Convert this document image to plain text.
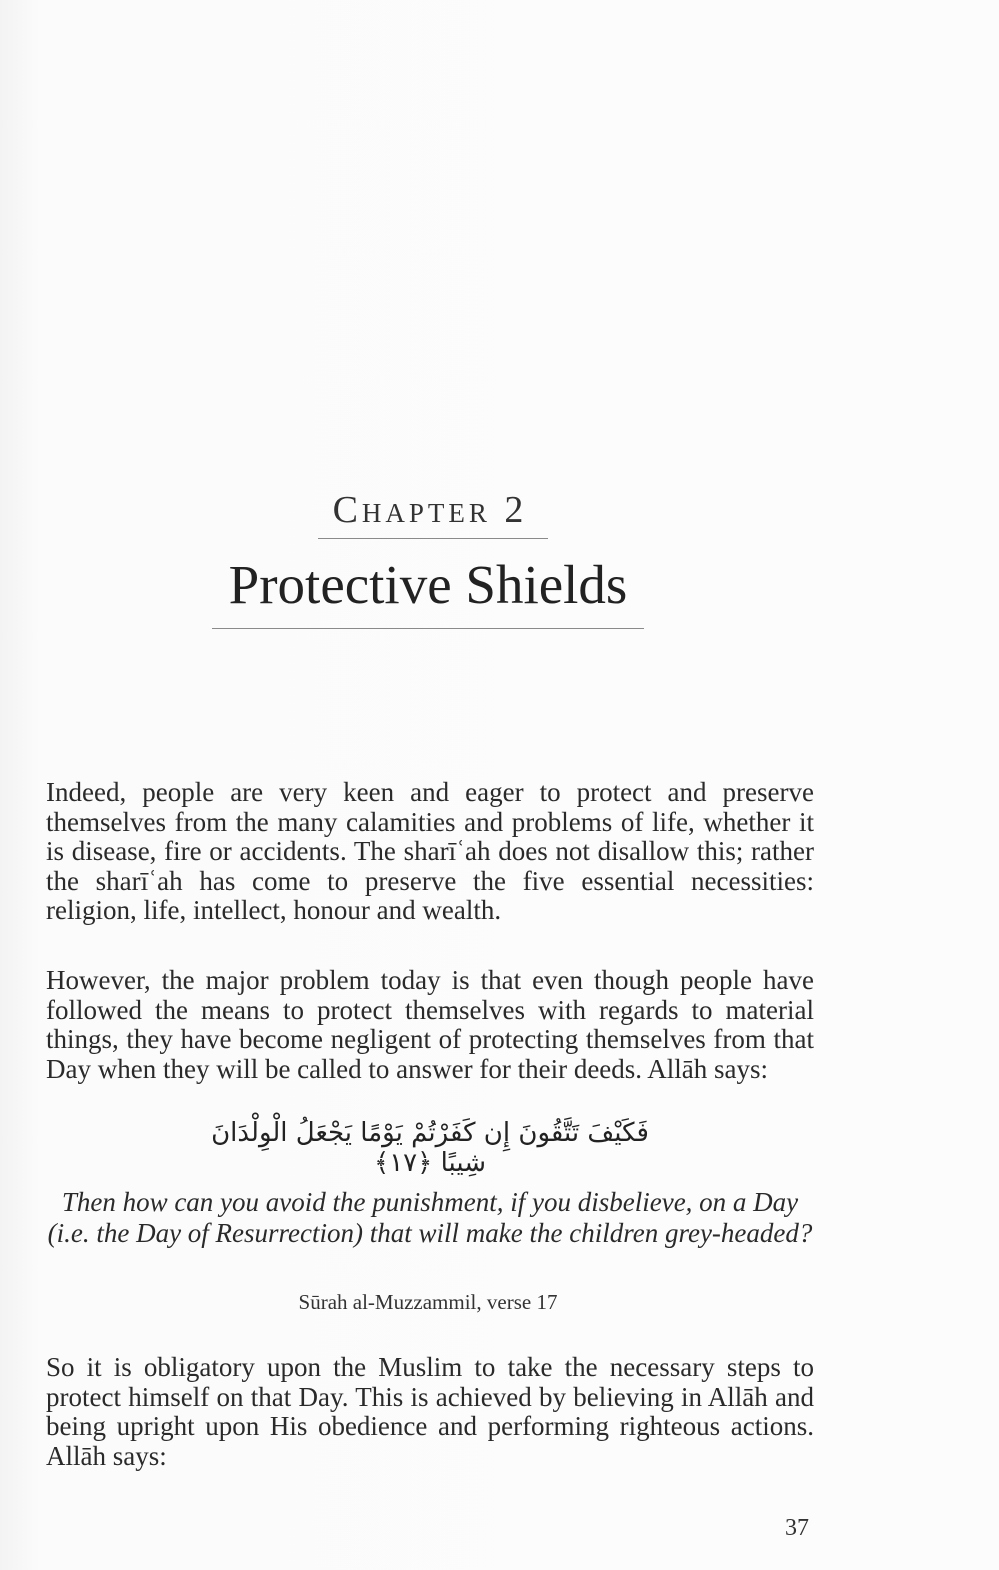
Chapter 2
Protective Shields

Indeed, people are very keen and eager to protect and preserve themselves from the many calamities and problems of life, whether it is disease, fire or accidents. The sharīʿah does not disallow this; rather the sharīʿah has come to preserve the five essential necessities: religion, life, intellect, honour and wealth.

However, the major problem today is that even though people have followed the means to protect themselves with regards to material things, they have become negligent of protecting themselves from that Day when they will be called to answer for their deeds. Allāh says:

فَكَيْفَ تَتَّقُونَ إِن كَفَرْتُمْ يَوْمًا يَجْعَلُ الْوِلْدَانَ شِيبًا ﴿١٧﴾

Then how can you avoid the punishment, if you disbelieve, on a Day (i.e. the Day of Resurrection) that will make the children grey-headed?

Sūrah al-Muzzammil, verse 17

So it is obligatory upon the Muslim to take the necessary steps to protect himself on that Day. This is achieved by believing in Allāh and being upright upon His obedience and performing righteous actions. Allāh says:

37
